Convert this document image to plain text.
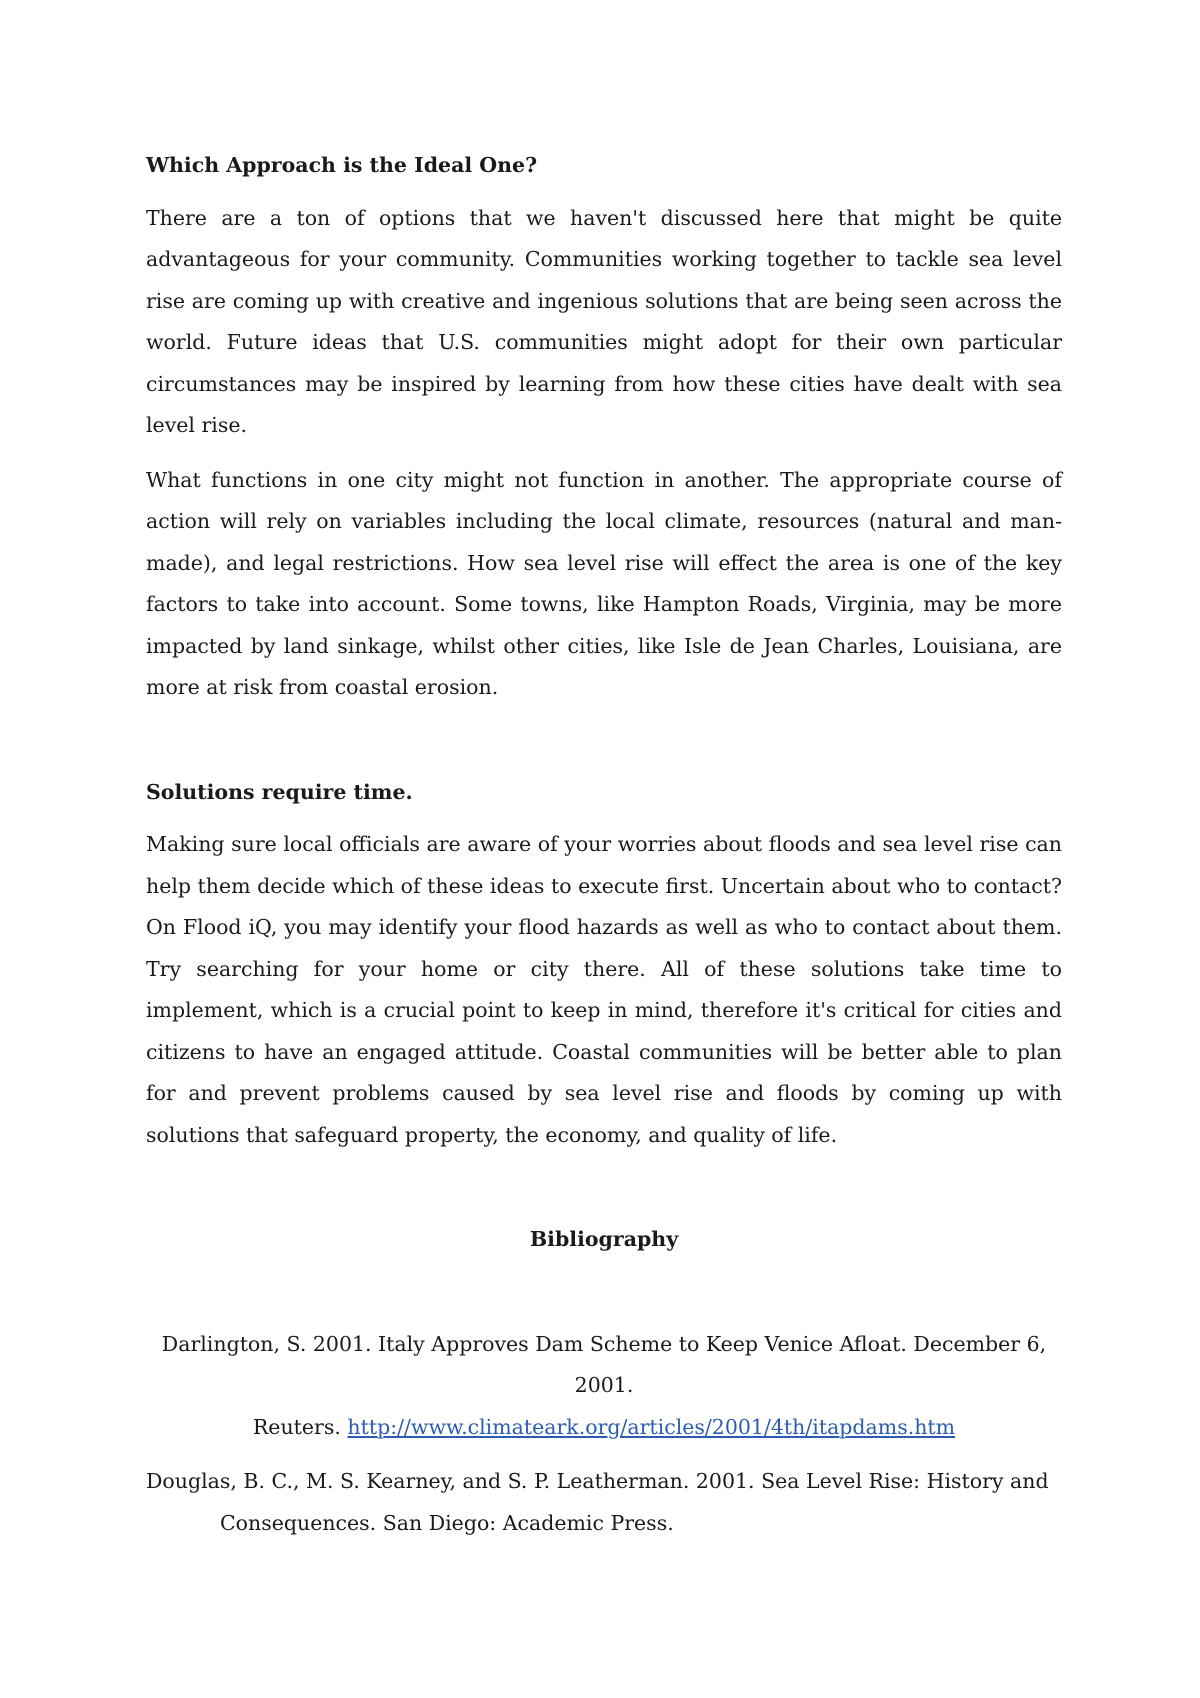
Which Approach is the Ideal One?

There are a ton of options that we haven't discussed here that might be quite advantageous for your community. Communities working together to tackle sea level rise are coming up with creative and ingenious solutions that are being seen across the world. Future ideas that U.S. communities might adopt for their own particular circumstances may be inspired by learning from how these cities have dealt with sea level rise.

What functions in one city might not function in another. The appropriate course of action will rely on variables including the local climate, resources (natural and man-made), and legal restrictions. How sea level rise will effect the area is one of the key factors to take into account. Some towns, like Hampton Roads, Virginia, may be more impacted by land sinkage, whilst other cities, like Isle de Jean Charles, Louisiana, are more at risk from coastal erosion.

Solutions require time.

Making sure local officials are aware of your worries about floods and sea level rise can help them decide which of these ideas to execute first. Uncertain about who to contact? On Flood iQ, you may identify your flood hazards as well as who to contact about them. Try searching for your home or city there. All of these solutions take time to implement, which is a crucial point to keep in mind, therefore it's critical for cities and citizens to have an engaged attitude. Coastal communities will be better able to plan for and prevent problems caused by sea level rise and floods by coming up with solutions that safeguard property, the economy, and quality of life.

Bibliography

Darlington, S. 2001. Italy Approves Dam Scheme to Keep Venice Afloat. December 6, 2001.
Reuters. http://www.climateark.org/articles/2001/4th/itapdams.htm

Douglas, B. C., M. S. Kearney, and S. P. Leatherman. 2001. Sea Level Rise: History and Consequences. San Diego: Academic Press.
